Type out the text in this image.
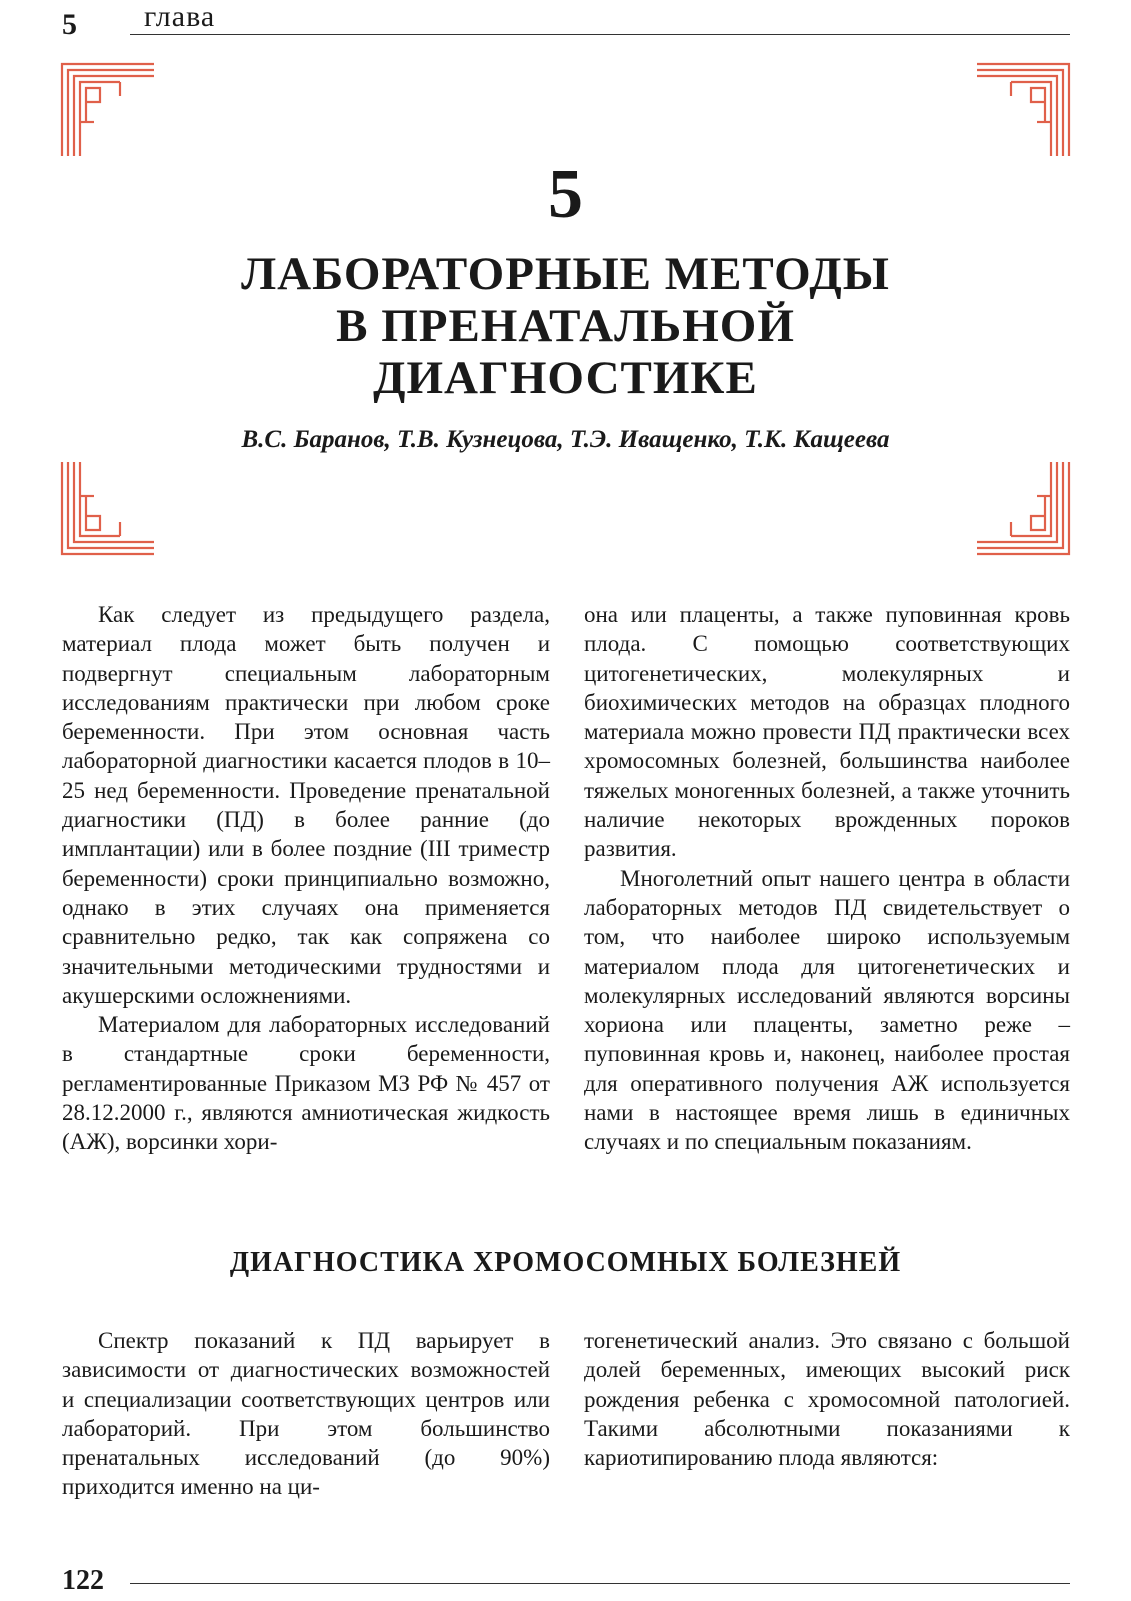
5 глава
5
ЛАБОРАТОРНЫЕ МЕТОДЫ
В ПРЕНАТАЛЬНОЙ
ДИАГНОСТИКЕ
В.С. Баранов, Т.В. Кузнецова, Т.Э. Иващенко, Т.К. Кащеева

Как следует из предыдущего раздела, материал плода может быть получен и подвергнут специальным лабораторным исследованиям практически при любом сроке беременности. При этом основная часть лабораторной диагностики касается плодов в 10–25 нед беременности. Проведение пренатальной диагностики (ПД) в более ранние (до имплантации) или в более поздние (III триместр беременности) сроки принципиально возможно, однако в этих случаях она применяется сравнительно редко, так как сопряжена со значительными методическими трудностями и акушерскими осложнениями.

Материалом для лабораторных исследований в стандартные сроки беременности, регламентированные Приказом МЗ РФ № 457 от 28.12.2000 г., являются амниотическая жидкость (АЖ), ворсинки хори-

она или плаценты, а также пуповинная кровь плода. С помощью соответствующих цитогенетических, молекулярных и биохимических методов на образцах плодного материала можно провести ПД практически всех хромосомных болезней, большинства наиболее тяжелых моногенных болезней, а также уточнить наличие некоторых врожденных пороков развития.

Многолетний опыт нашего центра в области лабораторных методов ПД свидетельствует о том, что наиболее широко используемым материалом плода для цитогенетических и молекулярных исследований являются ворсины хориона или плаценты, заметно реже – пуповинная кровь и, наконец, наиболее простая для оперативного получения АЖ используется нами в настоящее время лишь в единичных случаях и по специальным показаниям.

ДИАГНОСТИКА ХРОМОСОМНЫХ БОЛЕЗНЕЙ

Спектр показаний к ПД варьирует в зависимости от диагностических возможностей и специализации соответствующих центров или лабораторий. При этом большинство пренатальных исследований (до 90%) приходится именно на ци-

тогенетический анализ. Это связано с большой долей беременных, имеющих высокий риск рождения ребенка с хромосомной патологией. Такими абсолютными показаниями к кариотипированию плода являются:

122
